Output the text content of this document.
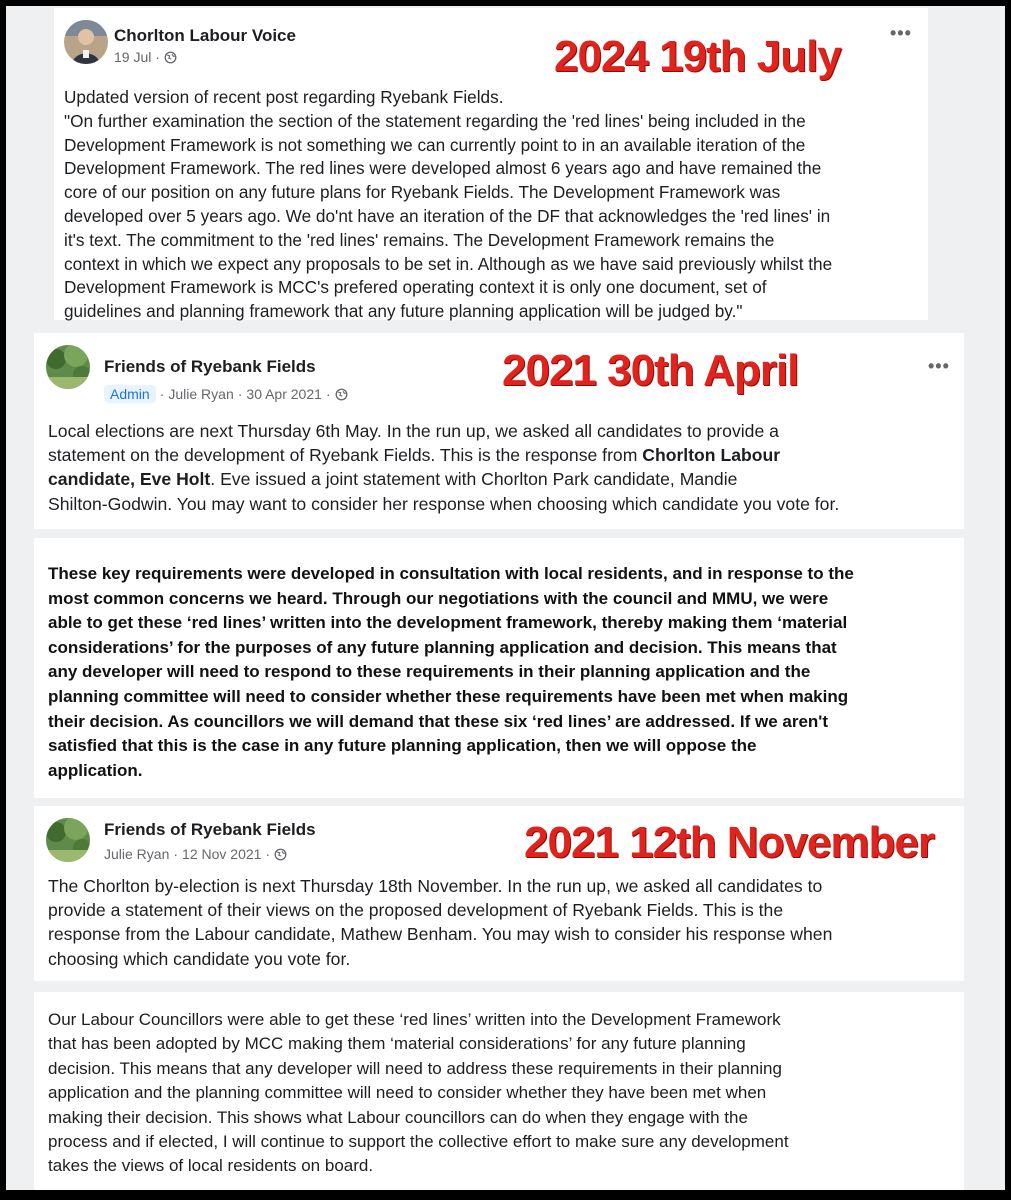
Chorlton Labour Voice
19 Jul ·
•••

Updated version of recent post regarding Ryebank Fields.

"On further examination the section of the statement regarding the 'red lines' being included in the

Development Framework is not something we can currently point to in an available iteration of the

Development Framework. The red lines were developed almost 6 years ago and have remained the

core of our position on any future plans for Ryebank Fields. The Development Framework was

developed over 5 years ago. We do'nt have an iteration of the DF that acknowledges the 'red lines' in

it's text. The commitment to the 'red lines' remains. The Development Framework remains the

context in which we expect any proposals to be set in. Although as we have said previously whilst the

Development Framework is MCC's prefered operating context it is only one document, set of

guidelines and planning framework that any future planning application will be judged by."

2024 19th July
Friends of Ryebank Fields
Admin · Julie Ryan · 30 Apr 2021 ·
•••

Local elections are next Thursday 6th May. In the run up, we asked all candidates to provide a

statement on the development of Ryebank Fields. This is the response from Chorlton Labour

candidate, Eve Holt. Eve issued a joint statement with Chorlton Park candidate, Mandie

Shilton-Godwin. You may want to consider her response when choosing which candidate you vote for.

2021 30th April
These key requirements were developed in consultation with local residents, and in response to the
most common concerns we heard. Through our negotiations with the council and MMU, we were
able to get these ‘red lines’ written into the development framework, thereby making them ‘material
considerations’ for the purposes of any future planning application and decision. This means that
any developer will need to respond to these requirements in their planning application and the
planning committee will need to consider whether these requirements have been met when making
their decision. As councillors we will demand that these six ‘red lines’ are addressed. If we aren't
satisfied that this is the case in any future planning application, then we will oppose the
application.
Friends of Ryebank Fields
Julie Ryan · 12 Nov 2021 ·

The Chorlton by-election is next Thursday 18th November. In the run up, we asked all candidates to

provide a statement of their views on the proposed development of Ryebank Fields. This is the

response from the Labour candidate, Mathew Benham. You may wish to consider his response when

choosing which candidate you vote for.

2021 12th November
Our Labour Councillors were able to get these ‘red lines’ written into the Development Framework
that has been adopted by MCC making them ‘material considerations’ for any future planning
decision. This means that any developer will need to address these requirements in their planning
application and the planning committee will need to consider whether they have been met when
making their decision. This shows what Labour councillors can do when they engage with the
process and if elected, I will continue to support the collective effort to make sure any development
takes the views of local residents on board.
